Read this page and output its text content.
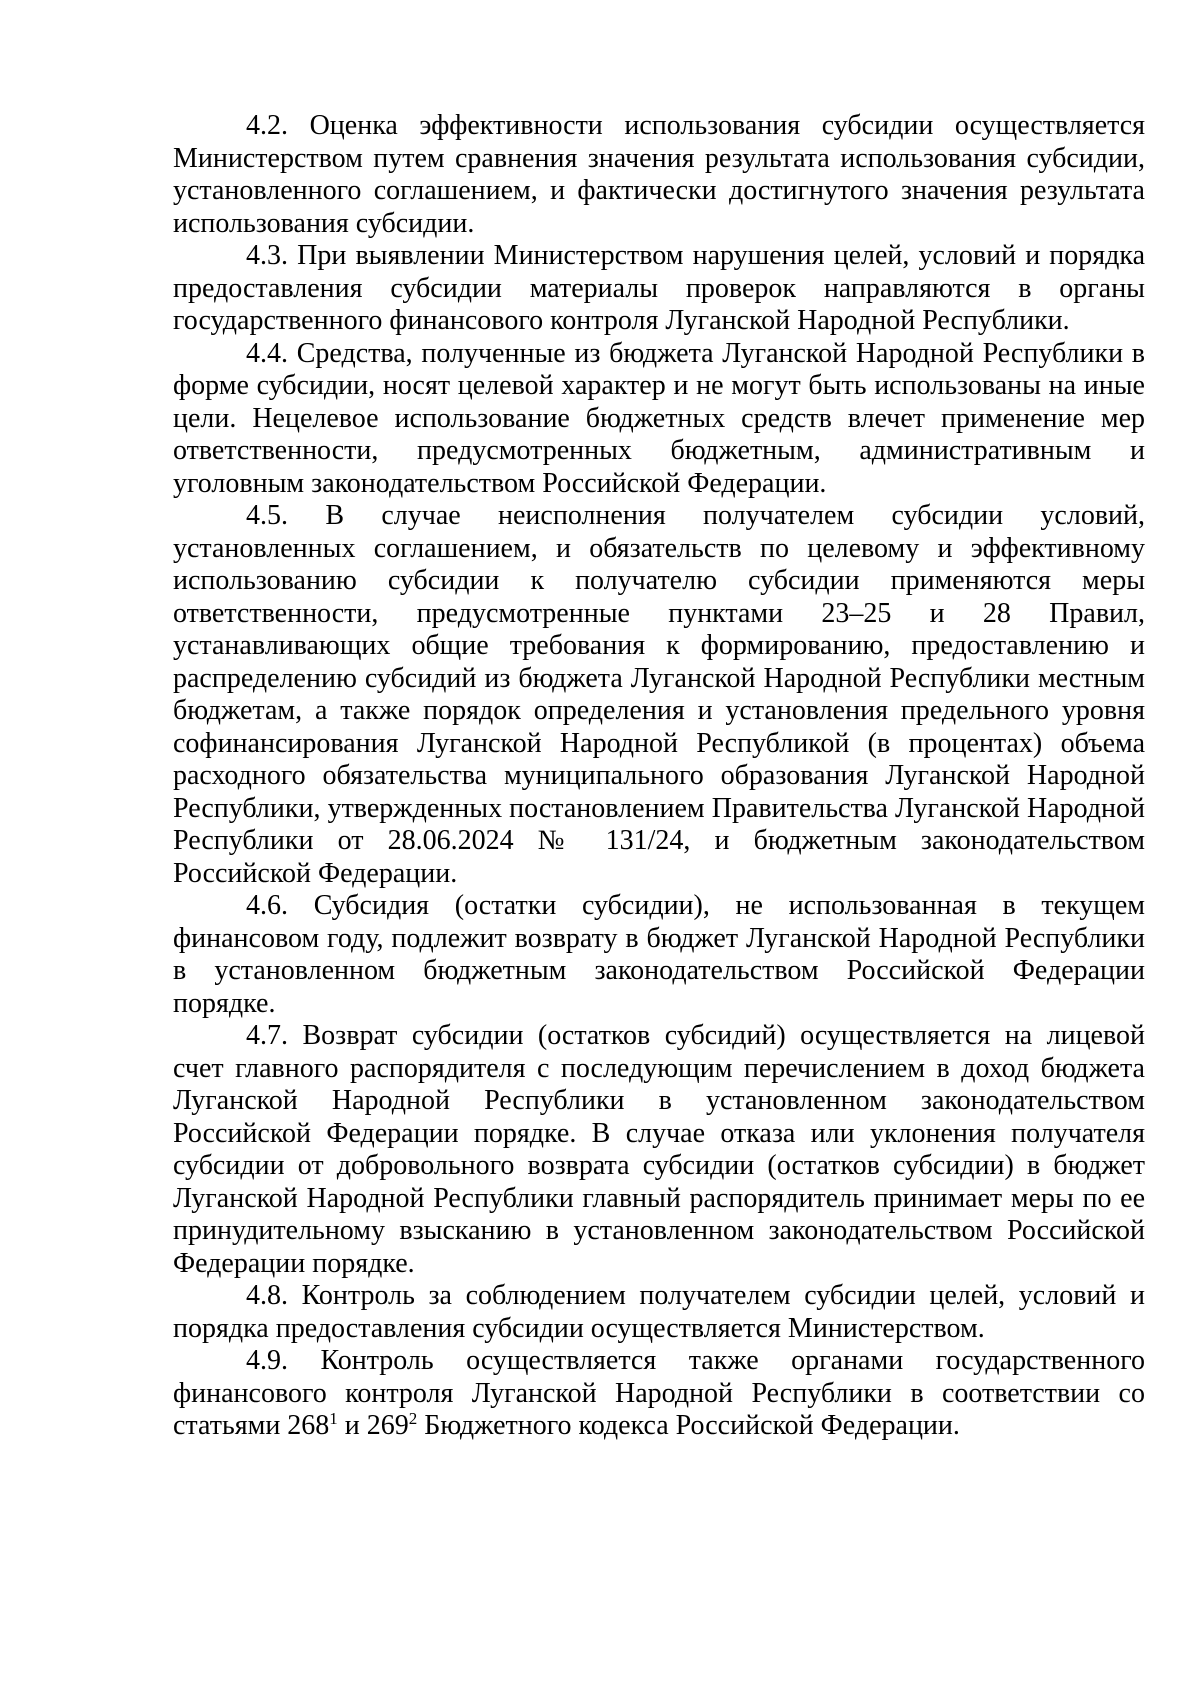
4.2. Оценка эффективности использования субсидии осуществляется Министерством путем сравнения значения результата использования субсидии, установленного соглашением, и фактически достигнутого значения результата использования субсидии.

4.3. При выявлении Министерством нарушения целей, условий и порядка предоставления субсидии материалы проверок направляются в органы государственного финансового контроля Луганской Народной Республики.

4.4. Средства, полученные из бюджета Луганской Народной Республики в форме субсидии, носят целевой характер и не могут быть использованы на иные цели. Нецелевое использование бюджетных средств влечет применение мер ответственности, предусмотренных бюджетным, административным и уголовным законодательством Российской Федерации.

4.5. В случае неисполнения получателем субсидии условий, установленных соглашением, и обязательств по целевому и эффективному использованию субсидии к получателю субсидии применяются меры ответственности, предусмотренные пунктами 23–25 и 28 Правил, устанавливающих общие требования к формированию, предоставлению и распределению субсидий из бюджета Луганской Народной Республики местным бюджетам, а также порядок определения и установления предельного уровня софинансирования Луганской Народной Республикой (в процентах) объема расходного обязательства муниципального образования Луганской Народной Республики, утвержденных постановлением Правительства Луганской Народной Республики от 28.06.2024 № 131/24, и бюджетным законодательством Российской Федерации.

4.6. Субсидия (остатки субсидии), не использованная в текущем финансовом году, подлежит возврату в бюджет Луганской Народной Республики в установленном бюджетным законодательством Российской Федерации порядке.

4.7. Возврат субсидии (остатков субсидий) осуществляется на лицевой счет главного распорядителя с последующим перечислением в доход бюджета Луганской Народной Республики в установленном законодательством Российской Федерации порядке. В случае отказа или уклонения получателя субсидии от добровольного возврата субсидии (остатков субсидии) в бюджет Луганской Народной Республики главный распорядитель принимает меры по ее принудительному взысканию в установленном законодательством Российской Федерации порядке.

4.8. Контроль за соблюдением получателем субсидии целей, условий и порядка предоставления субсидии осуществляется Министерством.

4.9. Контроль осуществляется также органами государственного финансового контроля Луганской Народной Республики в соответствии со статьями $268^1$ и $269^2$ Бюджетного кодекса Российской Федерации.
